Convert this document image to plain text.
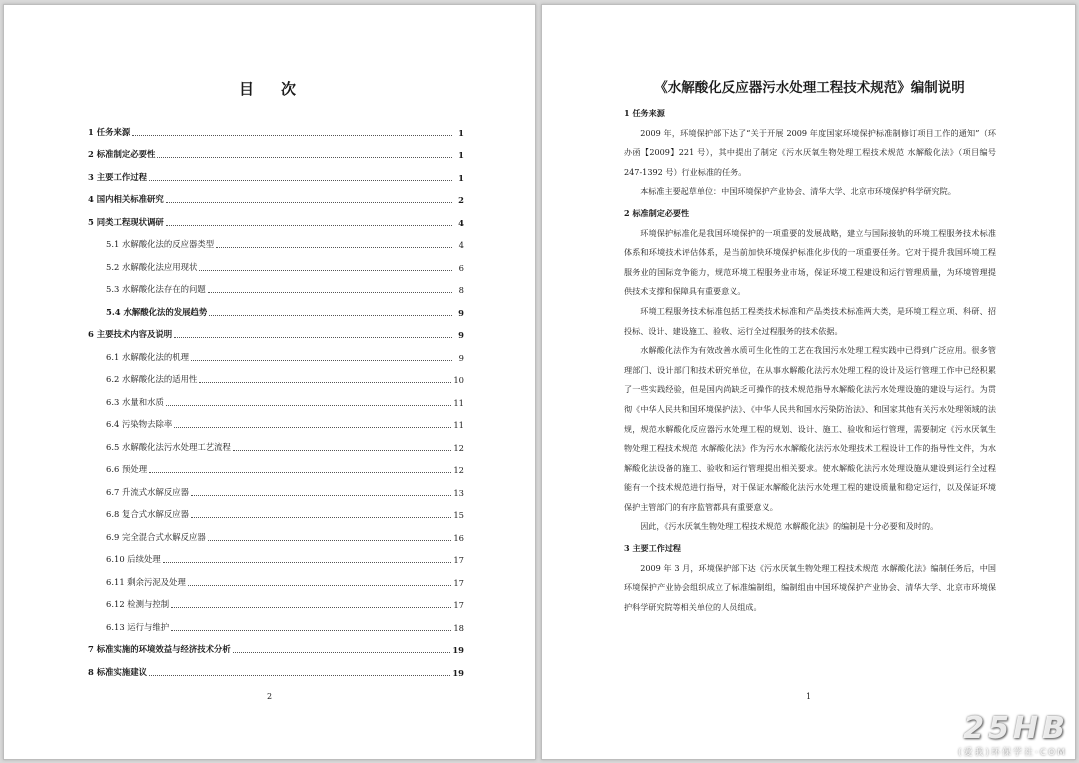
目　次
1 任务来源	1
2 标准制定必要性	1
3 主要工作过程	1
4 国内相关标准研究	2
5 同类工程现状调研	4
5.1 水解酸化法的反应器类型	4
5.2 水解酸化法应用现状	6
5.3 水解酸化法存在的问题	8
5.4 水解酸化法的发展趋势	9
6 主要技术内容及说明	9
6.1 水解酸化法的机理	9
6.2 水解酸化法的适用性	10
6.3 水量和水质	11
6.4 污染物去除率	11
6.5 水解酸化法污水处理工艺流程	12
6.6 预处理	12
6.7 升流式水解反应器	13
6.8 复合式水解反应器	15
6.9 完全混合式水解反应器	16
6.10 后续处理	17
6.11 剩余污泥及处理	17
6.12 检测与控制	17
6.13 运行与维护	18
7 标准实施的环境效益与经济技术分析	19
8 标准实施建议	19
2
《水解酸化反应器污水处理工程技术规范》编制说明
1 任务来源

2009 年，环境保护部下达了“关于开展 2009 年度国家环境保护标准制修订项目工作的通知”（环办函【2009】221 号），其中提出了制定《污水厌氧生物处理工程技术规范 水解酸化法》（项目编号 247-1392 号）行业标准的任务。

本标准主要起草单位：中国环境保护产业协会、清华大学、北京市环境保护科学研究院。

2 标准制定必要性

环境保护标准化是我国环境保护的一项重要的发展战略，建立与国际接轨的环境工程服务技术标准体系和环境技术评估体系，是当前加快环境保护标准化步伐的一项重要任务。它对于提升我国环境工程服务业的国际竞争能力，规范环境工程服务业市场，保证环境工程建设和运行管理质量，为环境管理提供技术支撑和保障具有重要意义。

环境工程服务技术标准包括工程类技术标准和产品类技术标准两大类，是环境工程立项、科研、招投标、设计、建设施工、验收、运行全过程服务的技术依据。

水解酸化法作为有效改善水质可生化性的工艺在我国污水处理工程实践中已得到广泛应用。很多管理部门、设计部门和技术研究单位，在从事水解酸化法污水处理工程的设计及运行管理工作中已经积累了一些实践经验，但是国内尚缺乏可操作的技术规范指导水解酸化法污水处理设施的建设与运行。为贯彻《中华人民共和国环境保护法》、《中华人民共和国水污染防治法》、和国家其他有关污水处理领域的法规，规范水解酸化反应器污水处理工程的规划、设计、施工、验收和运行管理，需要制定《污水厌氧生物处理工程技术规范 水解酸化法》作为污水水解酸化法污水处理技术工程设计工作的指导性文件，为水解酸化法设备的施工、验收和运行管理提出相关要求。使水解酸化法污水处理设施从建设到运行全过程能有一个技术规范进行指导，对于保证水解酸化法污水处理工程的建设质量和稳定运行，以及保证环境保护主管部门的有序监管都具有重要意义。

因此，《污水厌氧生物处理工程技术规范 水解酸化法》的编制是十分必要和及时的。

3 主要工作过程

2009 年 3 月，环境保护部下达《污水厌氧生物处理工程技术规范 水解酸化法》编制任务后，中国环境保护产业协会组织成立了标准编制组，编制组由中国环境保护产业协会、清华大学、北京市环境保护科学研究院等相关单位的人员组成。

1
25HB
(爱我)环保学社·COM
